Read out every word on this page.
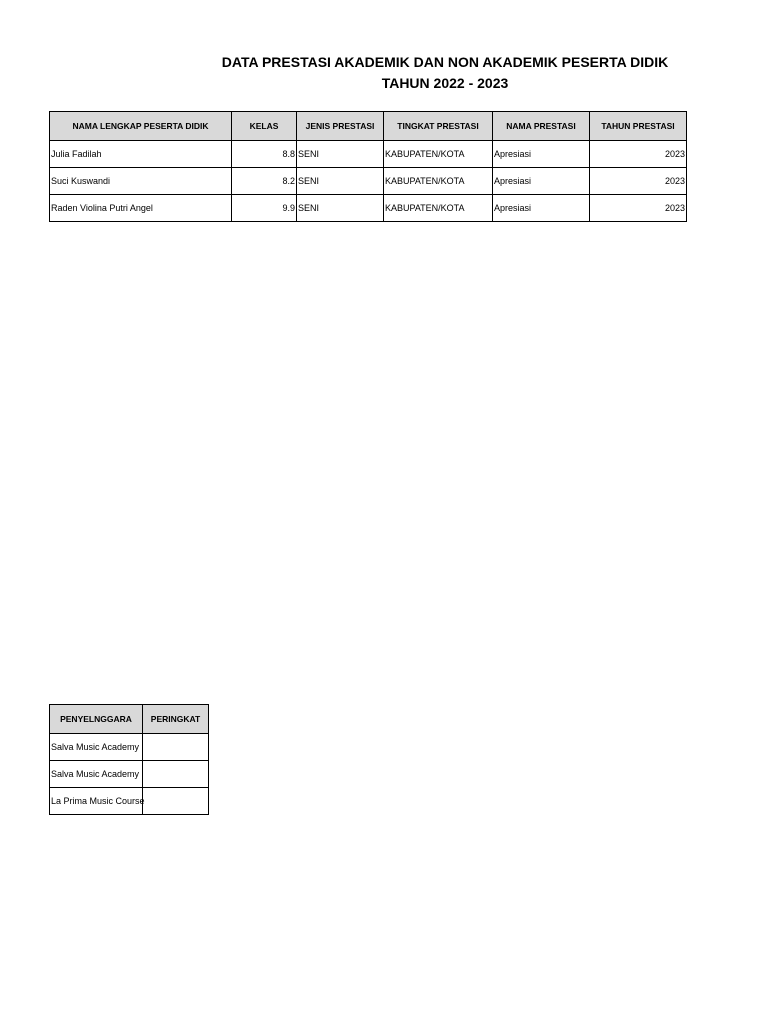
DATA PRESTASI AKADEMIK DAN NON AKADEMIK PESERTA DIDIK
TAHUN 2022 - 2023
NAMA LENGKAP PESERTA DIDIK	KELAS	JENIS PRESTASI	TINGKAT PRESTASI	NAMA PRESTASI	TAHUN PRESTASI
Julia Fadilah	8.8	SENI	KABUPATEN/KOTA	Apresiasi	2023
Suci Kuswandi	8.2	SENI	KABUPATEN/KOTA	Apresiasi	2023
Raden Violina Putri Angel	9.9	SENI	KABUPATEN/KOTA	Apresiasi	2023
PENYELNGGARA	PERINGKAT
Salva Music Academy	
Salva Music Academy	
La Prima Music Course	
